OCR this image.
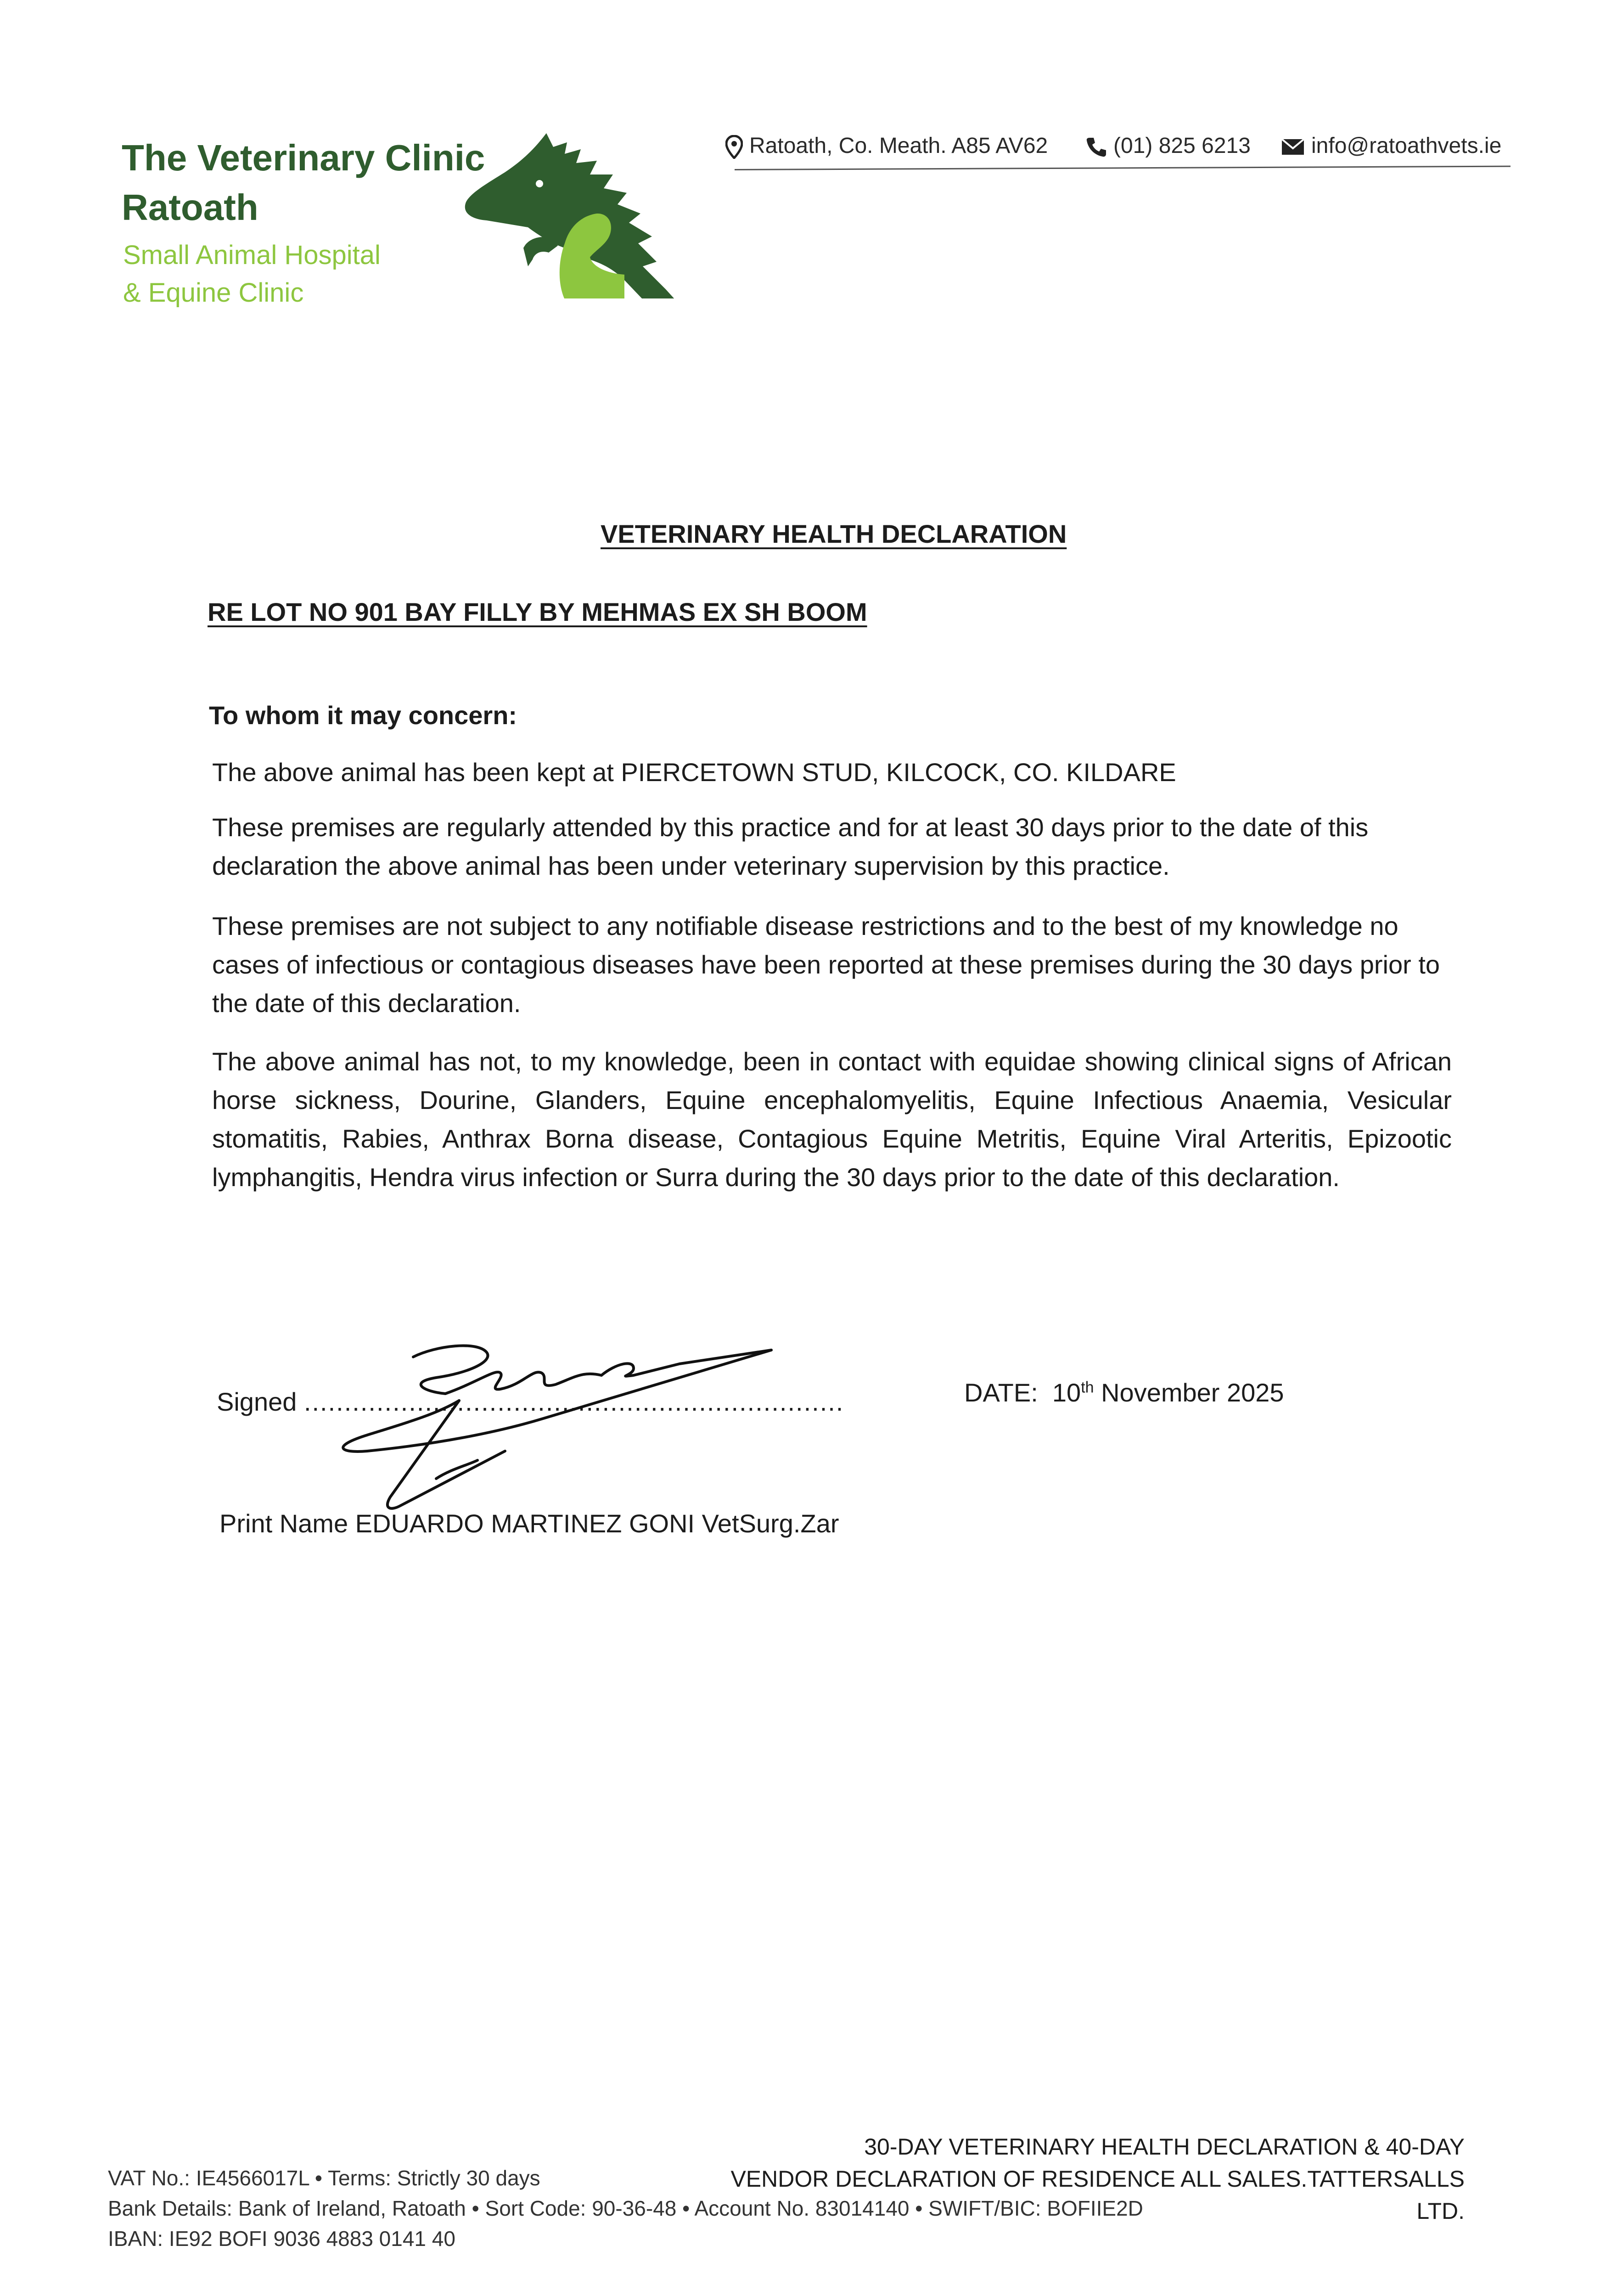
The Veterinary Clinic
Ratoath
Small Animal Hospital
& Equine Clinic
Ratoath, Co. Meath. A85 AV62	(01) 825 6213	info@ratoathvets.ie
VETERINARY HEALTH DECLARATION
RE LOT NO 901 BAY FILLY BY MEHMAS EX SH BOOM
To whom it may concern:
The above animal has been kept at PIERCETOWN STUD, KILCOCK, CO. KILDARE
These premises are regularly attended by this practice and for at least 30 days prior to the date of this declaration the above animal has been under veterinary supervision by this practice.
These premises are not subject to any notifiable disease restrictions and to the best of my knowledge no cases of infectious or contagious diseases have been reported at these premises during the 30 days prior to the date of this declaration.
The above animal has not, to my knowledge, been in contact with equidae showing clinical signs of African horse sickness, Dourine, Glanders, Equine encephalomyelitis, Equine Infectious Anaemia, Vesicular stomatitis, Rabies, Anthrax Borna disease, Contagious Equine Metritis, Equine Viral Arteritis, Epizootic lymphangitis, Hendra virus infection or Surra during the 30 days prior to the date of this declaration.
Signed ...................................................................	DATE: 10th November 2025
Print Name EDUARDO MARTINEZ GONI VetSurg.Zar
VAT No.: IE4566017L • Terms: Strictly 30 days
Bank Details: Bank of Ireland, Ratoath • Sort Code: 90-36-48 • Account No. 83014140 • SWIFT/BIC: BOFIIE2D
IBAN: IE92 BOFI 9036 4883 0141 40
30-DAY VETERINARY HEALTH DECLARATION & 40-DAY
VENDOR DECLARATION OF RESIDENCE ALL SALES.TATTERSALLS LTD.
